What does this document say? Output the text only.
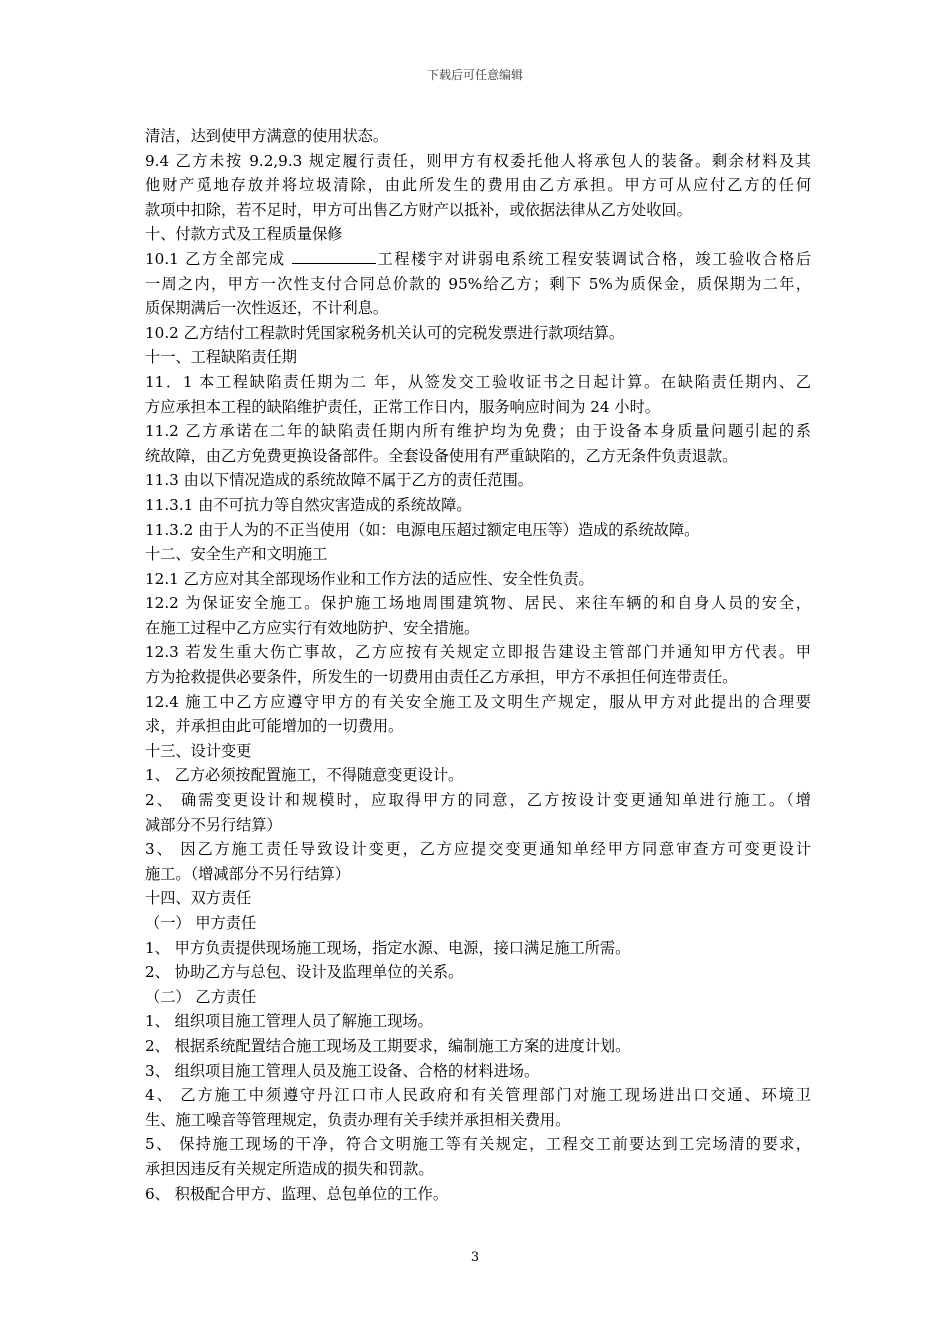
下载后可任意编辑
清洁，达到使甲方满意的使用状态。
9.4 乙方未按 9.2,9.3 规定履行责任，则甲方有权委托他人将承包人的装备。剩余材料及其
他财产觅地存放并将垃圾清除，由此所发生的费用由乙方承担。甲方可从应付乙方的任何
款项中扣除，若不足时，甲方可出售乙方财产以抵补，或依据法律从乙方处收回。
十、付款方式及工程质量保修
10.1 乙方全部完成	工程楼宇对讲弱电系统工程安装调试合格，竣工验收合格后
一周之内，甲方一次性支付合同总价款的 95%给乙方；剩下 5%为质保金，质保期为二年，
质保期满后一次性返还，不计利息。
10.2 乙方结付工程款时凭国家税务机关认可的完税发票进行款项结算。
十一、工程缺陷责任期
11．1 本工程缺陷责任期为二 年，从签发交工验收证书之日起计算。在缺陷责任期内、乙
方应承担本工程的缺陷维护责任，正常工作日内，服务响应时间为 24 小时。
11.2 乙方承诺在二年的缺陷责任期内所有维护均为免费；由于设备本身质量问题引起的系
统故障，由乙方免费更换设备部件。全套设备使用有严重缺陷的，乙方无条件负责退款。
11.3 由以下情况造成的系统故障不属于乙方的责任范围。
11.3.1 由不可抗力等自然灾害造成的系统故障。
11.3.2 由于人为的不正当使用（如：电源电压超过额定电压等）造成的系统故障。
十二、安全生产和文明施工
12.1 乙方应对其全部现场作业和工作方法的适应性、安全性负责。
12.2 为保证安全施工。保护施工场地周围建筑物、居民、来往车辆的和自身人员的安全，
在施工过程中乙方应实行有效地防护、安全措施。
12.3 若发生重大伤亡事故，乙方应按有关规定立即报告建设主管部门并通知甲方代表。甲
方为抢救提供必要条件，所发生的一切费用由责任乙方承担，甲方不承担任何连带责任。
12.4 施工中乙方应遵守甲方的有关安全施工及文明生产规定，服从甲方对此提出的合理要
求，并承担由此可能增加的一切费用。
十三、设计变更
1、 乙方必须按配置施工，不得随意变更设计。
2、 确需变更设计和规模时，应取得甲方的同意，乙方按设计变更通知单进行施工。（增
减部分不另行结算）
3、 因乙方施工责任导致设计变更，乙方应提交变更通知单经甲方同意审查方可变更设计
施工。（增减部分不另行结算）
十四、双方责任
（一） 甲方责任
1、 甲方负责提供现场施工现场，指定水源、电源，接口满足施工所需。
2、 协助乙方与总包、设计及监理单位的关系。
（二） 乙方责任
1、 组织项目施工管理人员了解施工现场。
2、 根据系统配置结合施工现场及工期要求，编制施工方案的进度计划。
3、 组织项目施工管理人员及施工设备、合格的材料进场。
4、 乙方施工中须遵守丹江口市人民政府和有关管理部门对施工现场进出口交通、环境卫
生、施工噪音等管理规定，负责办理有关手续并承担相关费用。
5、 保持施工现场的干净，符合文明施工等有关规定，工程交工前要达到工完场清的要求，
承担因违反有关规定所造成的损失和罚款。
6、 积极配合甲方、监理、总包单位的工作。
3
